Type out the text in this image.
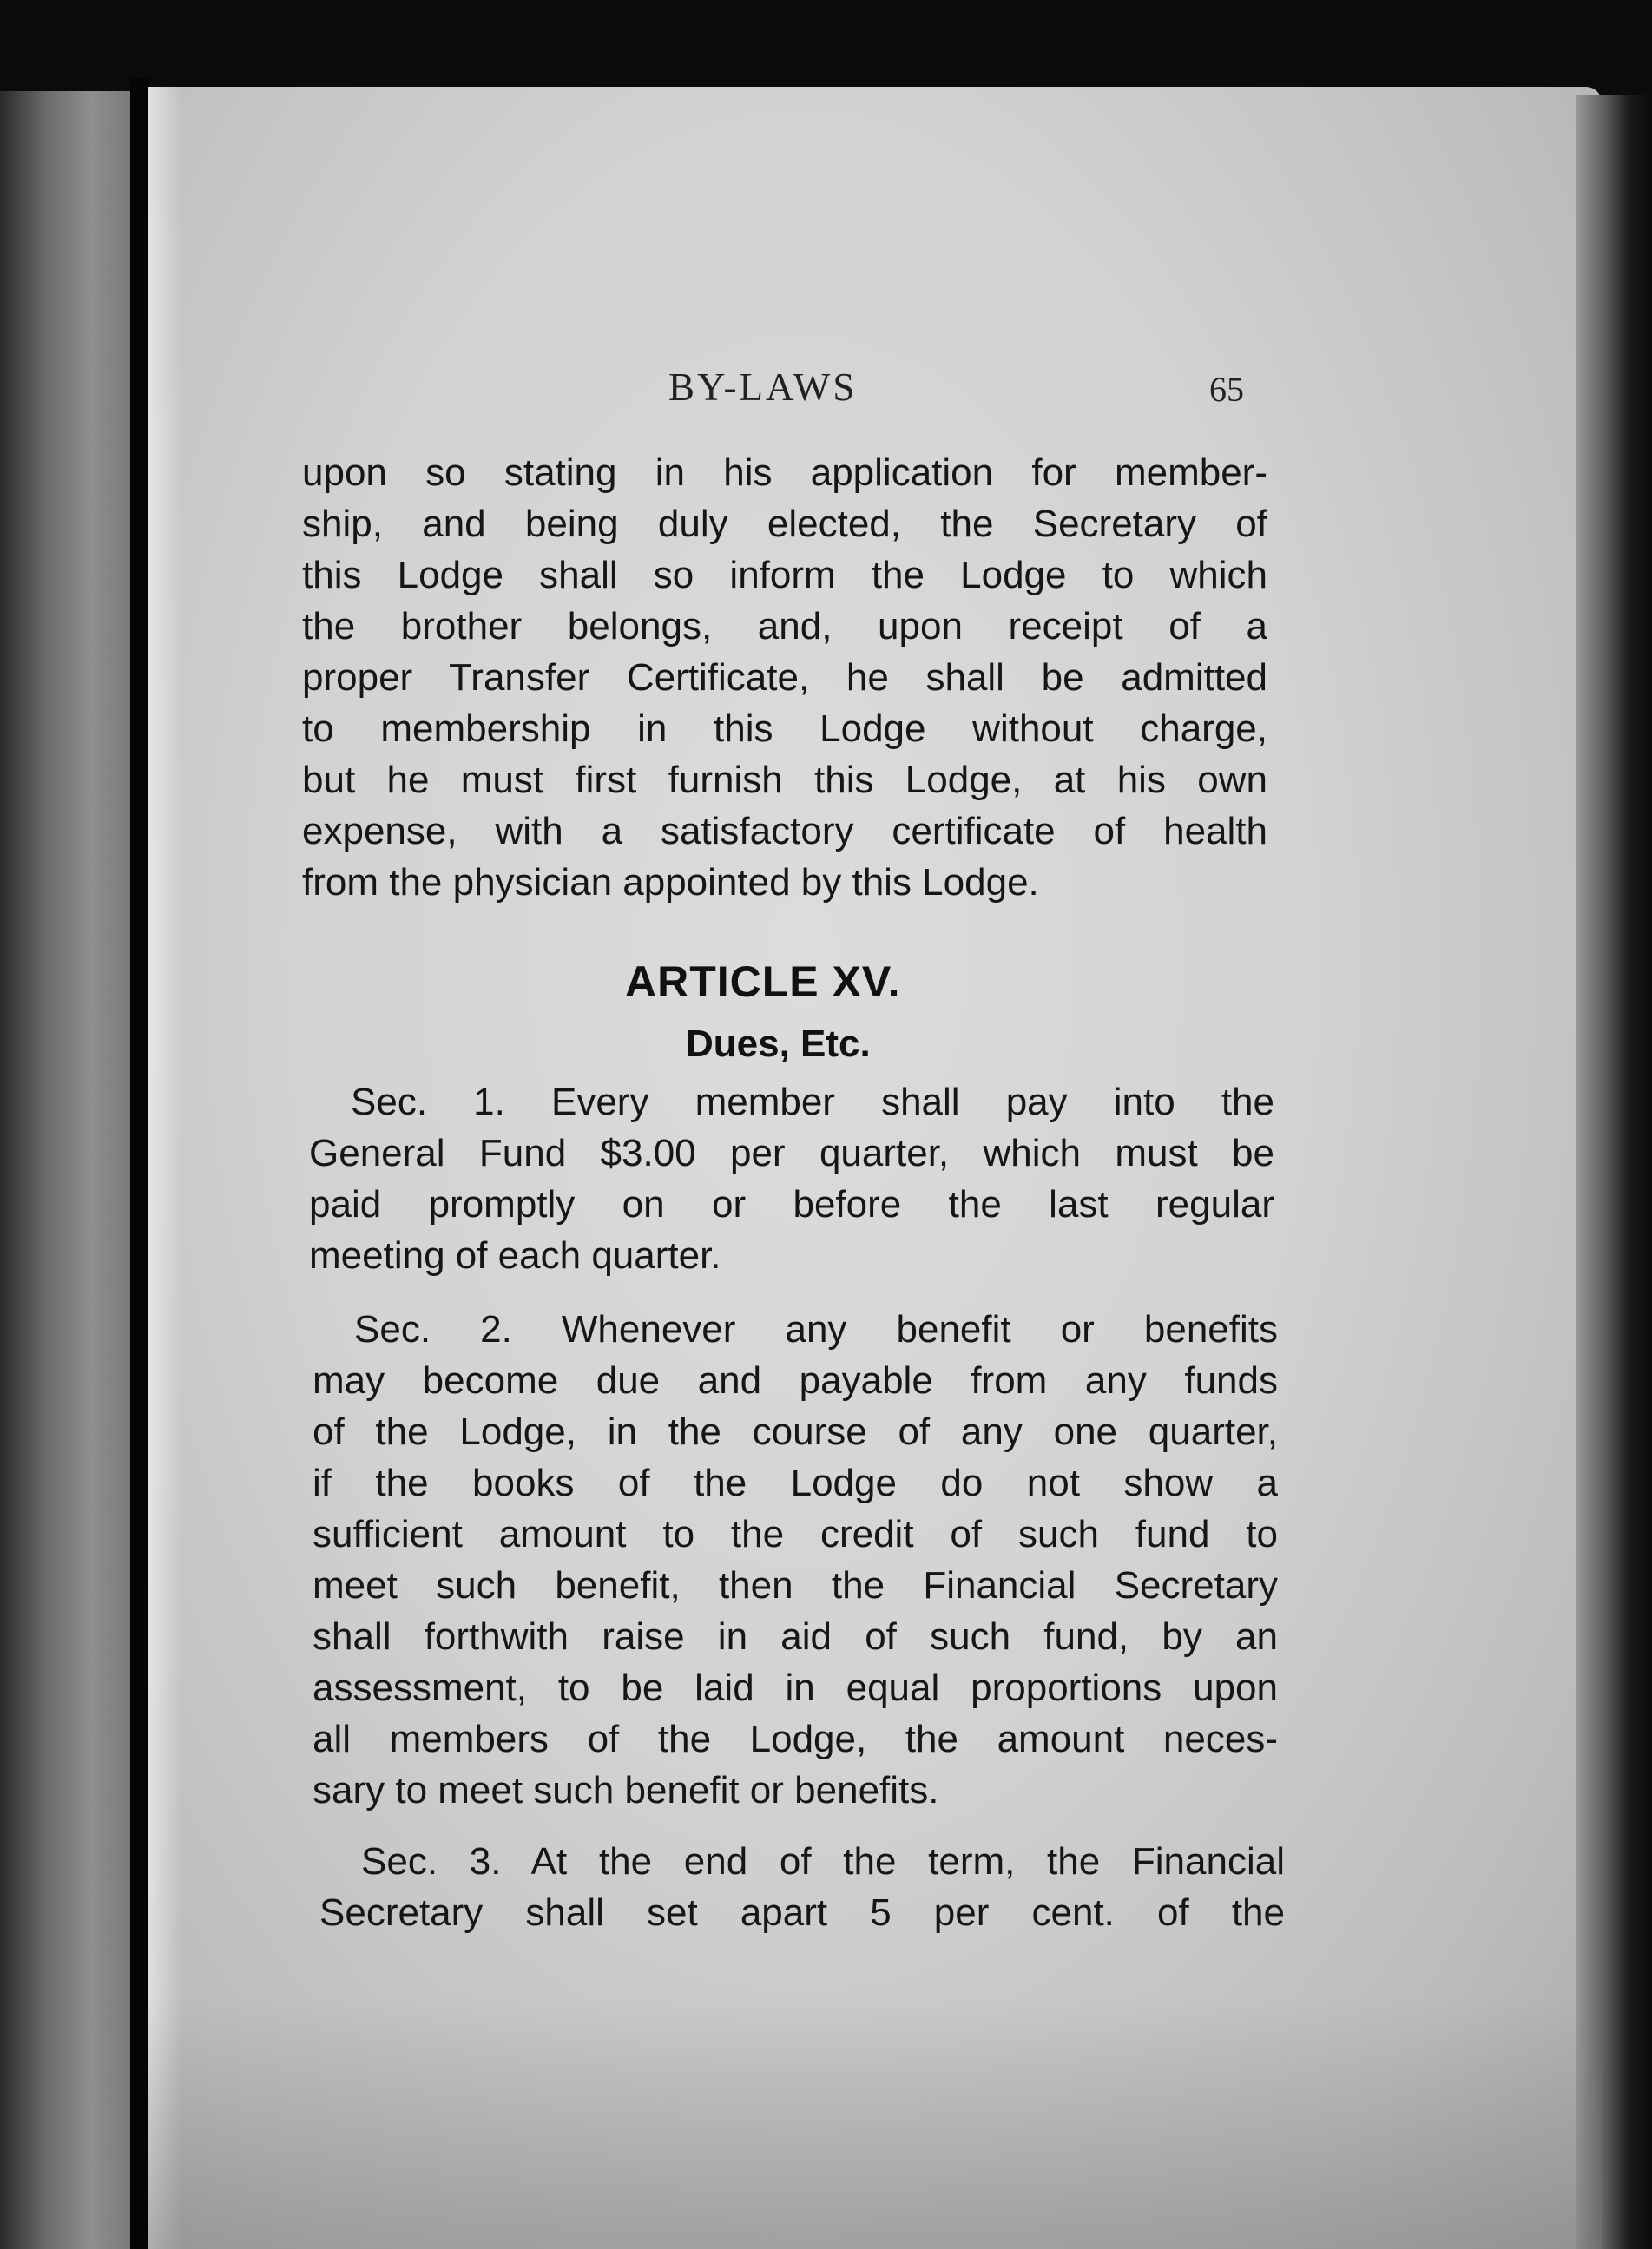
BY-LAWS	65
upon so stating in his application for member-
ship, and being duly elected, the Secretary of
this Lodge shall so inform the Lodge to which
the brother belongs, and, upon receipt of a
proper Transfer Certificate, he shall be admitted
to membership in this Lodge without charge,
but he must first furnish this Lodge, at his own
expense, with a satisfactory certificate of health
from the physician appointed by this Lodge.
ARTICLE XV.
Dues, Etc.
Sec. 1. Every member shall pay into the
General Fund $3.00 per quarter, which must be
paid promptly on or before the last regular
meeting of each quarter.
Sec. 2. Whenever any benefit or benefits
may become due and payable from any funds
of the Lodge, in the course of any one quarter,
if the books of the Lodge do not show a
sufficient amount to the credit of such fund to
meet such benefit, then the Financial Secretary
shall forthwith raise in aid of such fund, by an
assessment, to be laid in equal proportions upon
all members of the Lodge, the amount neces-
sary to meet such benefit or benefits.
Sec. 3. At the end of the term, the Financial
Secretary shall set apart 5 per cent. of the
